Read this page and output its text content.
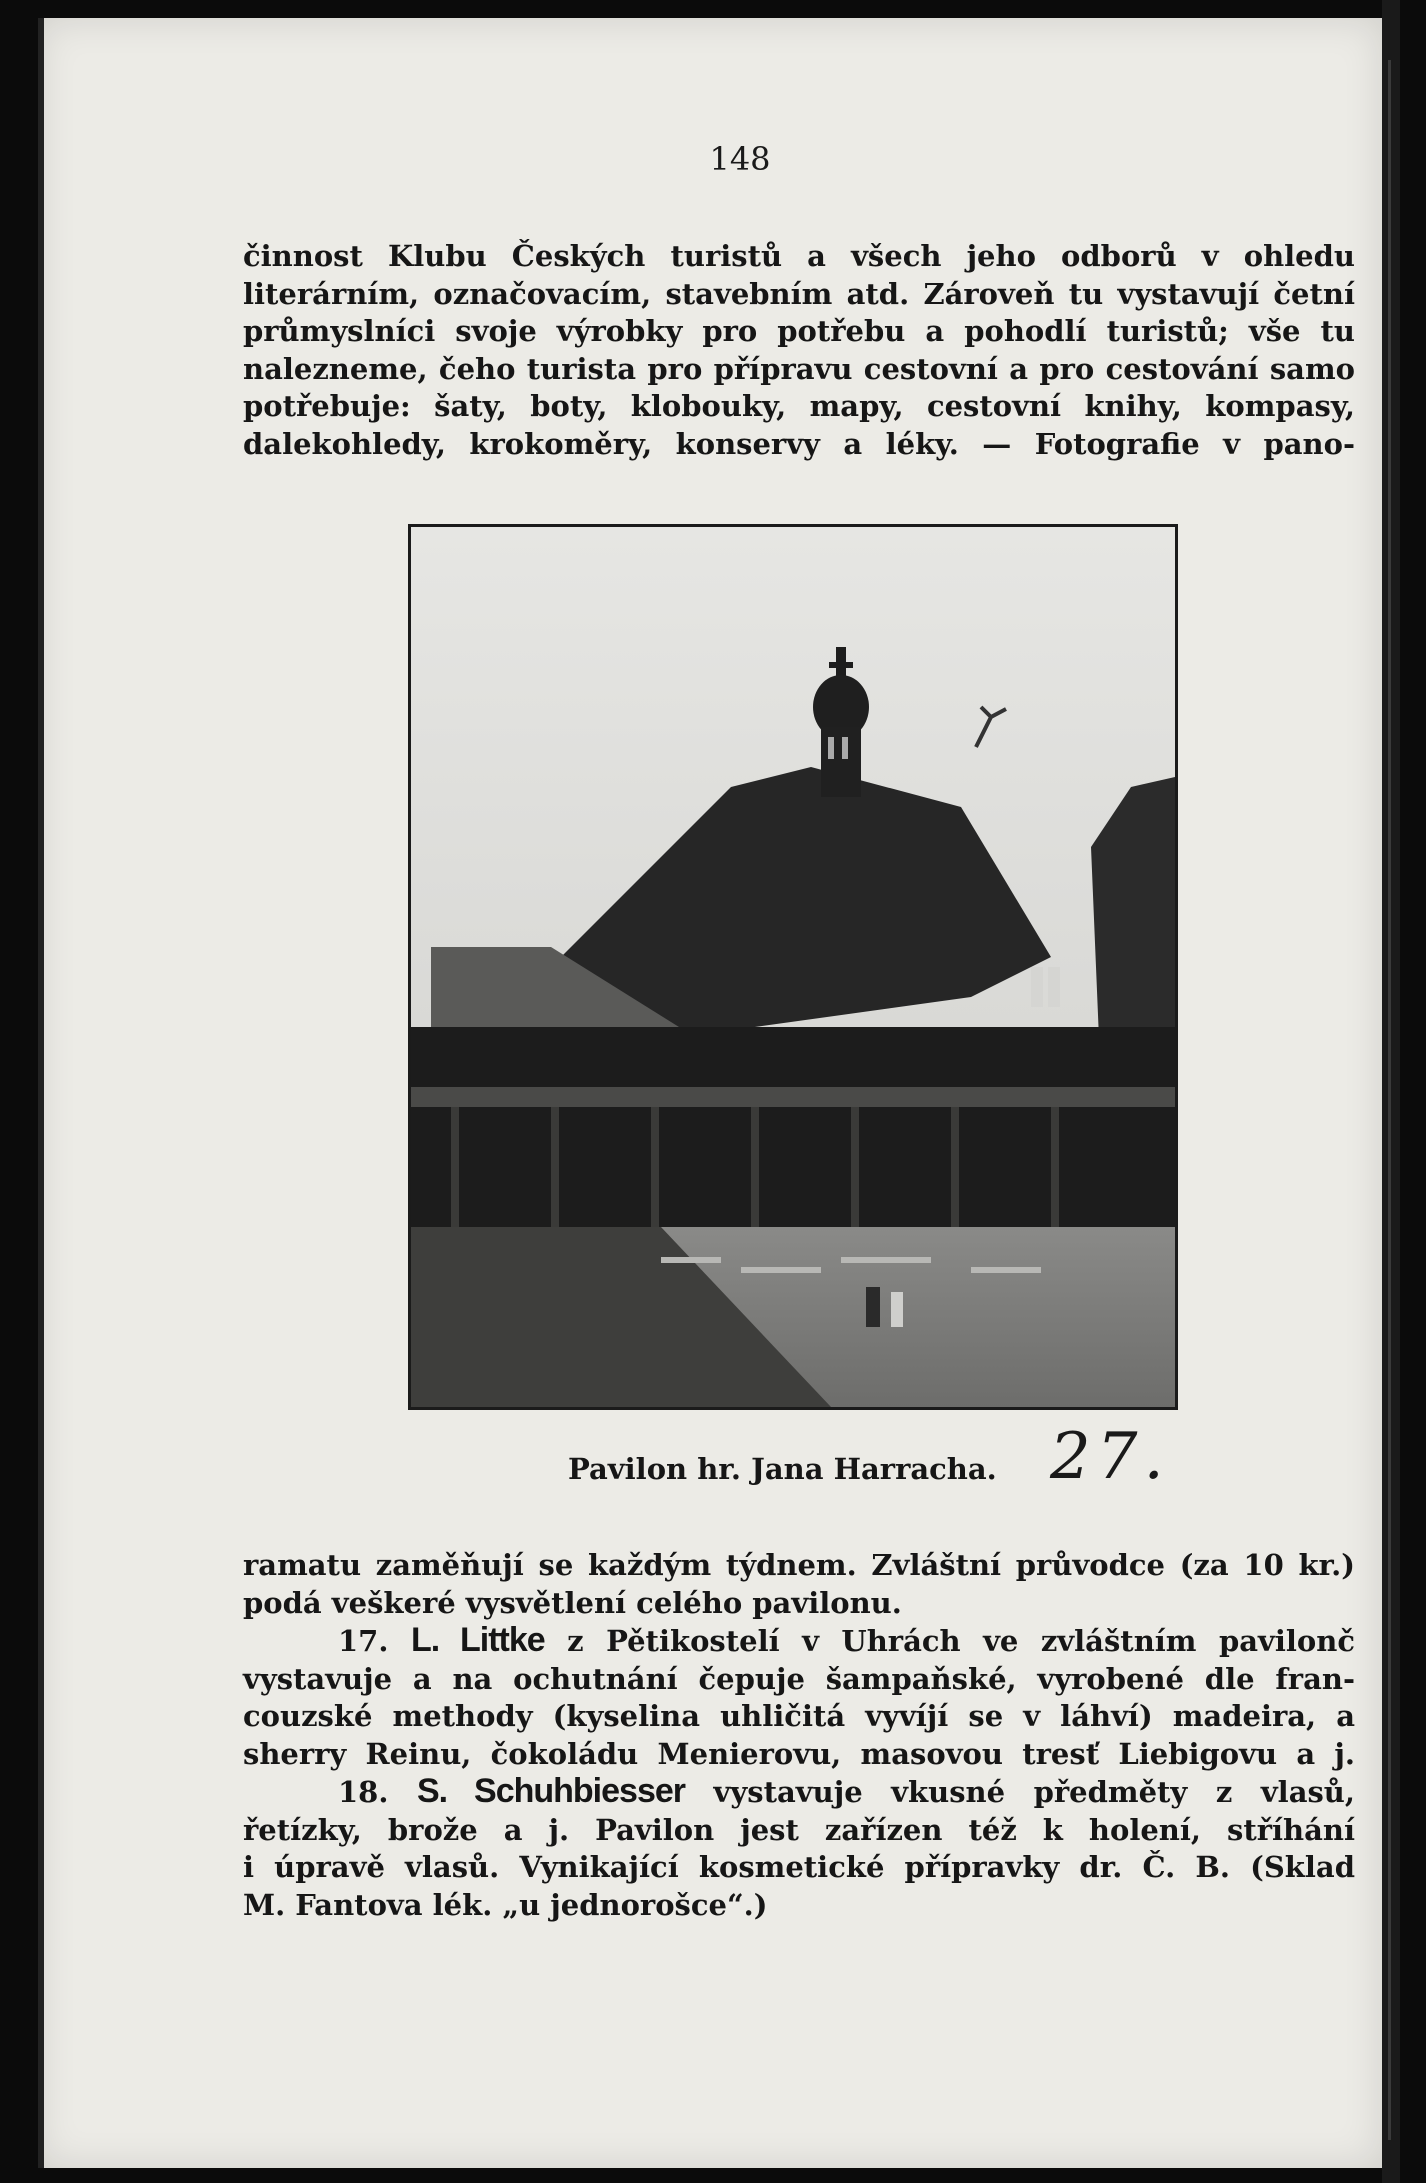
148
činnost Klubu Českých turistů a všech jeho odborů v ohledu
literárním, označovacím, stavebním atd. Zároveň tu vystavují četní
průmyslníci svoje výrobky pro potřebu a pohodlí turistů; vše tu
nalezneme, čeho turista pro přípravu cestovní a pro cestování samo
potřebuje: šaty, boty, klobouky, mapy, cestovní knihy, kompasy,
dalekohledy, krokoměry, konservy a léky. — Fotografie v pano-
Pavilon hr. Jana Harracha. 27.
ramatu zaměňují se každým týdnem. Zvláštní průvodce (za 10 kr.)
podá veškeré vysvětlení celého pavilonu.
17. L. Littke z Pětikostelí v Uhrách ve zvláštním pavilonč
vystavuje a na ochutnání čepuje šampaňské, vyrobené dle fran-
couzské methody (kyselina uhličitá vyvíjí se v láhví) madeira, a
sherry Reinu, čokoládu Menierovu, masovou tresť Liebigovu a j.
18. S. Schuhbiesser vystavuje vkusné předměty z vlasů,
řetízky, brože a j. Pavilon jest zařízen též k holení, stříhání
i úpravě vlasů. Vynikající kosmetické přípravky dr. Č. B. (Sklad
M. Fantova lék. „u jednorošce“.)
